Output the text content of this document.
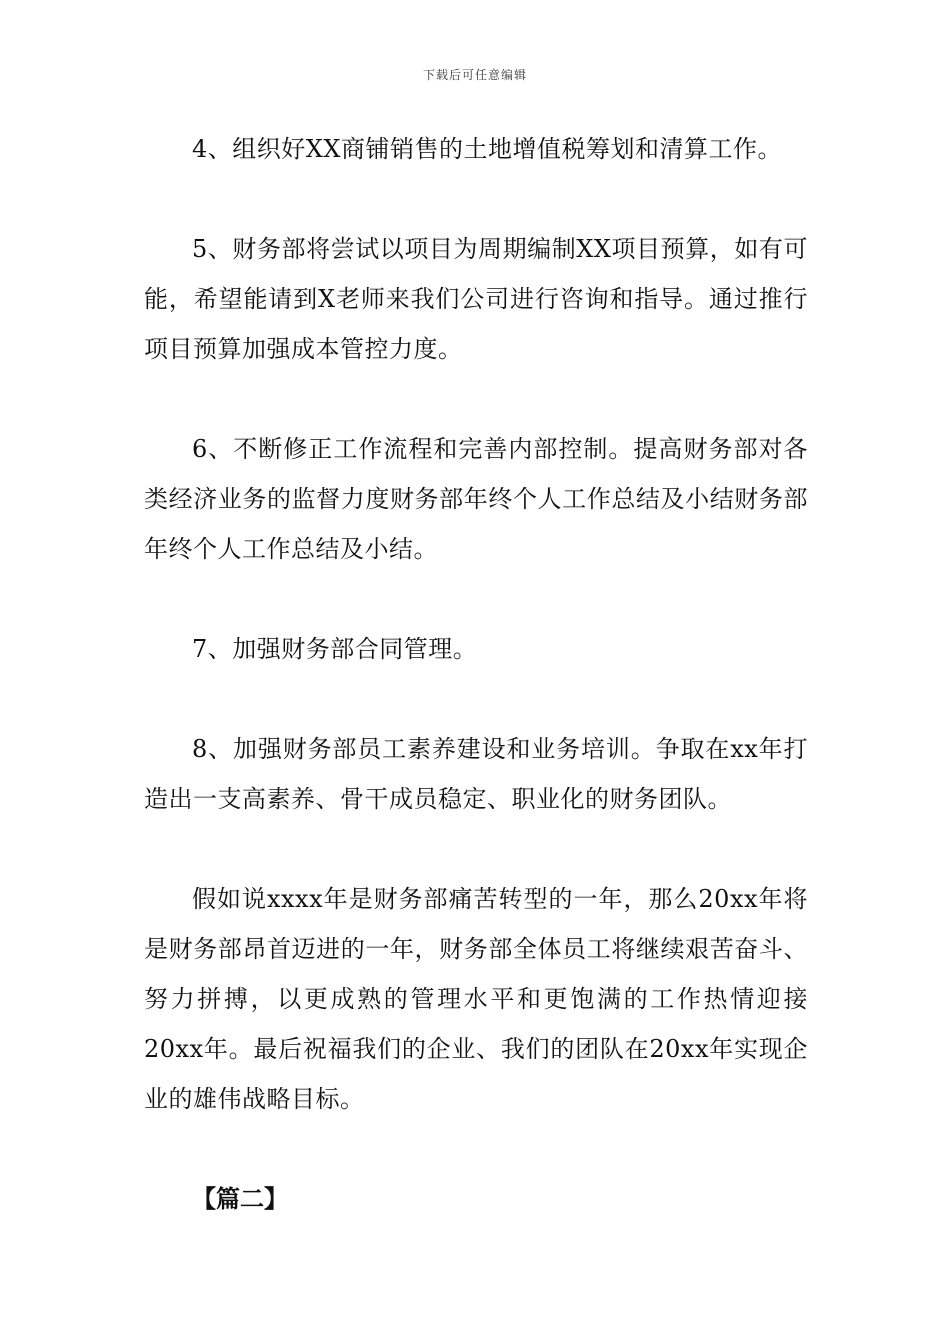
下载后可任意编辑

4、组织好XX商铺销售的土地增值税筹划和清算工作。

5、财务部将尝试以项目为周期编制XX项目预算，如有可能，希望能请到X老师来我们公司进行咨询和指导。通过推行项目预算加强成本管控力度。

6、不断修正工作流程和完善内部控制。提高财务部对各类经济业务的监督力度财务部年终个人工作总结及小结财务部年终个人工作总结及小结。

7、加强财务部合同管理。

8、加强财务部员工素养建设和业务培训。争取在xx年打造出一支高素养、骨干成员稳定、职业化的财务团队。

假如说xxxx年是财务部痛苦转型的一年，那么20xx年将是财务部昂首迈进的一年，财务部全体员工将继续艰苦奋斗、努力拼搏，以更成熟的管理水平和更饱满的工作热情迎接20xx年。最后祝福我们的企业、我们的团队在20xx年实现企业的雄伟战略目标。

【篇二】
